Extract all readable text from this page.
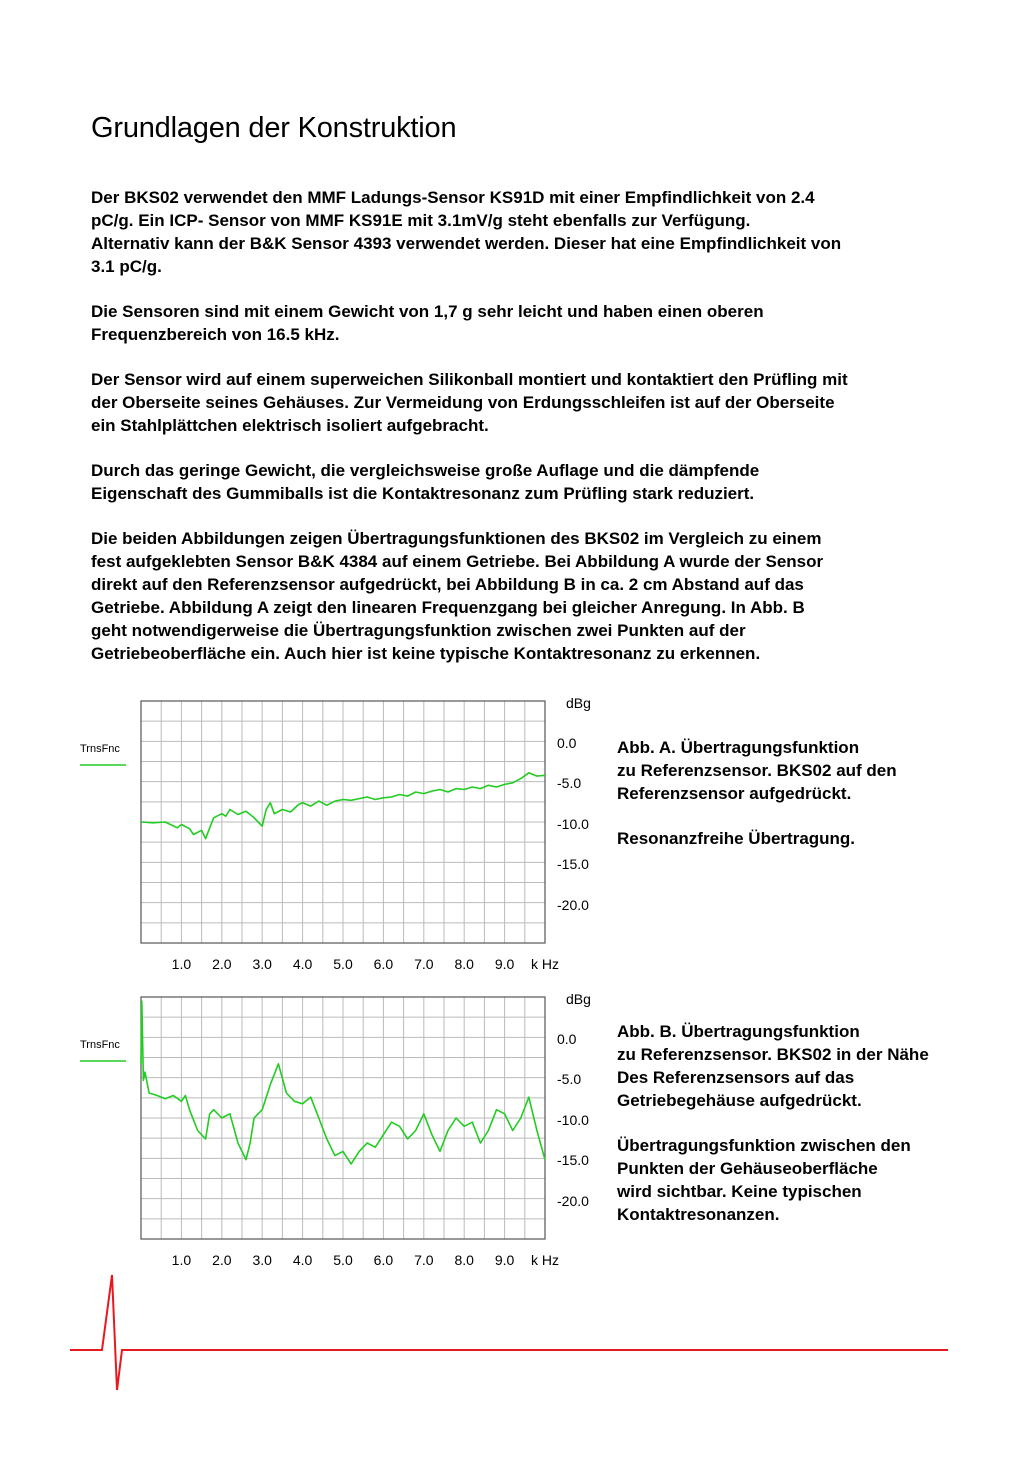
Grundlagen der Konstruktion

Der BKS02 verwendet den MMF Ladungs-Sensor KS91D mit einer Empfindlichkeit von 2.4
pC/g. Ein ICP- Sensor von MMF KS91E mit 3.1mV/g steht ebenfalls zur Verfügung.
Alternativ kann der B&K Sensor 4393 verwendet werden. Dieser hat eine Empfindlichkeit von
3.1 pC/g.

Die Sensoren sind mit einem Gewicht von 1,7 g sehr leicht und haben einen oberen
Frequenzbereich von 16.5 kHz.

Der Sensor wird auf einem superweichen Silikonball montiert und kontaktiert den Prüfling mit
der Oberseite seines Gehäuses. Zur Vermeidung von Erdungsschleifen ist auf der Oberseite
ein Stahlplättchen elektrisch isoliert aufgebracht.

Durch das geringe Gewicht, die vergleichsweise große Auflage und die dämpfende
Eigenschaft des Gummiballs ist die Kontaktresonanz zum Prüfling stark reduziert.

Die beiden Abbildungen zeigen Übertragungsfunktionen des BKS02 im Vergleich zu einem
fest aufgeklebten Sensor B&K 4384 auf einem Getriebe. Bei Abbildung A wurde der Sensor
direkt auf den Referenzsensor aufgedrückt, bei Abbildung B in ca. 2 cm Abstand auf das
Getriebe. Abbildung A zeigt den linearen Frequenzgang bei gleicher Anregung. In Abb. B
geht notwendigerweise die Übertragungsfunktion zwischen zwei Punkten auf der
Getriebeoberfläche ein. Auch hier ist keine typische Kontaktresonanz zu erkennen.

1.0 2.0 3.0 4.0 5.0 6.0 7.0 8.0 9.0 k Hz
0.0
-5.0
-10.0
-15.0
-20.0
dBg
TrnsFnc
1.0 2.0 3.0 4.0 5.0 6.0 7.0 8.0 9.0 k Hz
0.0
-5.0
-10.0
-15.0
-20.0
dBg
TrnsFnc

Abb. A. Übertragungsfunktion
zu Referenzsensor. BKS02 auf den
Referenzsensor aufgedrückt.

Resonanzfreihe Übertragung.

Abb. B. Übertragungsfunktion
zu Referenzsensor. BKS02 in der Nähe
Des Referenzsensors auf das
Getriebegehäuse aufgedrückt.

Übertragungsfunktion zwischen den
Punkten der Gehäuseoberfläche
wird sichtbar. Keine typischen
Kontaktresonanzen.
